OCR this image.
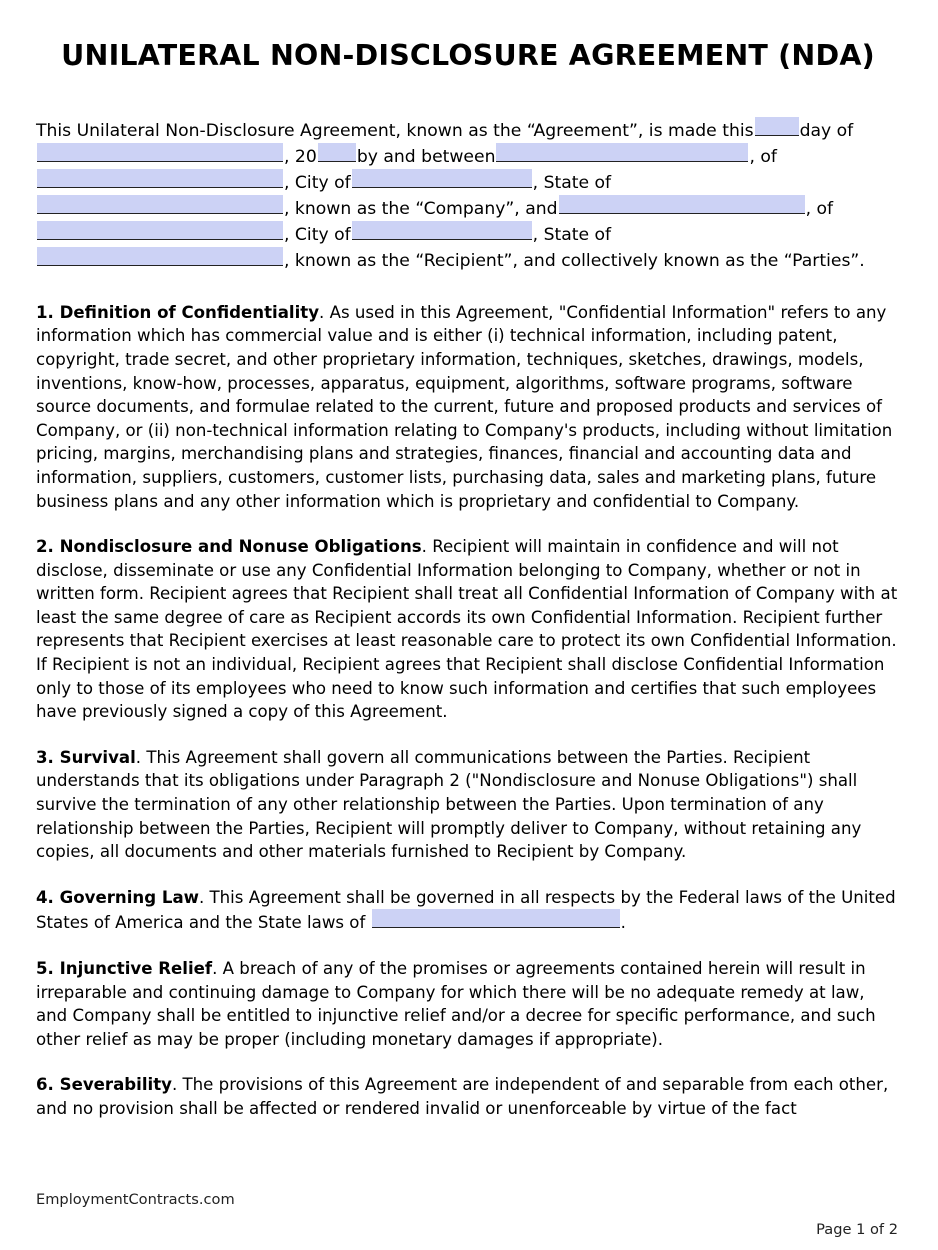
UNILATERAL NON-DISCLOSURE AGREEMENT (NDA)
This Unilateral Non-Disclosure Agreement, known as the “Agreement”, is made this	day of
, 20 by and between	, of
, City of	, State of
, known as the “Company”, and	, of
, City of	, State of
, known as the “Recipient”, and collectively known as the “Parties”.

1. Definition of Confidentiality. As used in this Agreement, "Confidential Information" refers to any information which has commercial value and is either (i) technical information, including patent, copyright, trade secret, and other proprietary information, techniques, sketches, drawings, models, inventions, know-how, processes, apparatus, equipment, algorithms, software programs, software source documents, and formulae related to the current, future and proposed products and services of Company, or (ii) non-technical information relating to Company's products, including without limitation pricing, margins, merchandising plans and strategies, finances, financial and accounting data and information, suppliers, customers, customer lists, purchasing data, sales and marketing plans, future business plans and any other information which is proprietary and confidential to Company.

2. Nondisclosure and Nonuse Obligations. Recipient will maintain in confidence and will not disclose, disseminate or use any Confidential Information belonging to Company, whether or not in written form. Recipient agrees that Recipient shall treat all Confidential Information of Company with at least the same degree of care as Recipient accords its own Confidential Information. Recipient further represents that Recipient exercises at least reasonable care to protect its own Confidential Information. If Recipient is not an individual, Recipient agrees that Recipient shall disclose Confidential Information only to those of its employees who need to know such information and certifies that such employees have previously signed a copy of this Agreement.

3. Survival. This Agreement shall govern all communications between the Parties. Recipient understands that its obligations under Paragraph 2 ("Nondisclosure and Nonuse Obligations") shall survive the termination of any other relationship between the Parties. Upon termination of any relationship between the Parties, Recipient will promptly deliver to Company, without retaining any copies, all documents and other materials furnished to Recipient by Company.

4. Governing Law. This Agreement shall be governed in all respects by the Federal laws of the United States of America and the State laws of	.

5. Injunctive Relief. A breach of any of the promises or agreements contained herein will result in irreparable and continuing damage to Company for which there will be no adequate remedy at law, and Company shall be entitled to injunctive relief and/or a decree for specific performance, and such other relief as may be proper (including monetary damages if appropriate).

6. Severability. The provisions of this Agreement are independent of and separable from each other, and no provision shall be affected or rendered invalid or unenforceable by virtue of the fact

EmploymentContracts.com
Page 1 of 2
